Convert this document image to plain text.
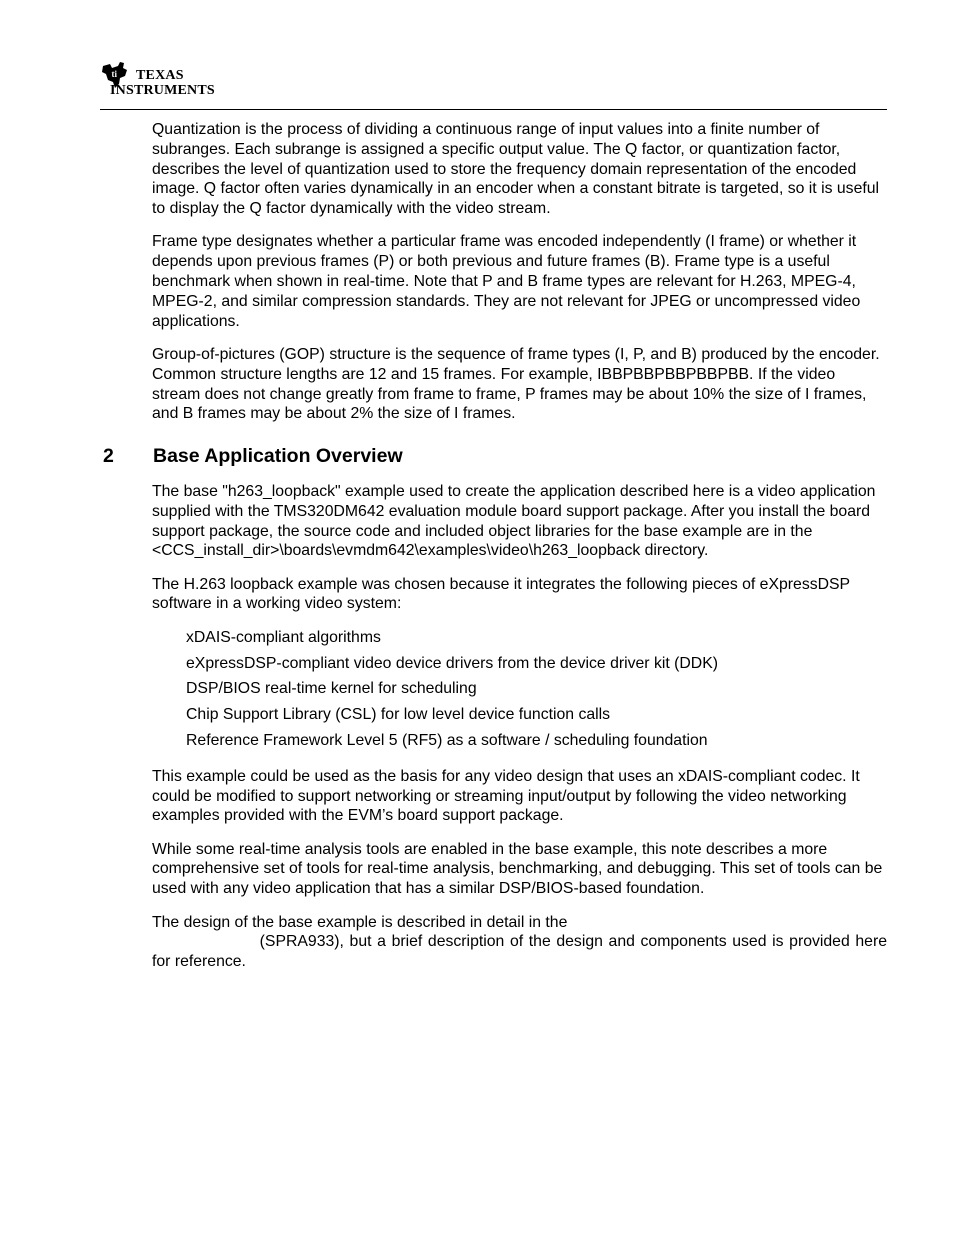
ti TEXAS
INSTRUMENTS

Quantization is the process of dividing a continuous range of input values into a finite number of subranges. Each subrange is assigned a specific output value. The Q factor, or quantization factor, describes the level of quantization used to store the frequency domain representation of the encoded image. Q factor often varies dynamically in an encoder when a constant bitrate is targeted, so it is useful to display the Q factor dynamically with the video stream.

Frame type designates whether a particular frame was encoded independently (I frame) or whether it depends upon previous frames (P) or both previous and future frames (B). Frame type is a useful benchmark when shown in real-time. Note that P and B frame types are relevant for H.263, MPEG-4, MPEG-2, and similar compression standards. They are not relevant for JPEG or uncompressed video applications.

Group-of-pictures (GOP) structure is the sequence of frame types (I, P, and B) produced by the encoder. Common structure lengths are 12 and 15 frames. For example, IBBPBBPBBPBBPBB. If the video stream does not change greatly from frame to frame, P frames may be about 10% the size of I frames, and B frames may be about 2% the size of I frames.

2	Base Application Overview

The base "h263_loopback" example used to create the application described here is a video application supplied with the TMS320DM642 evaluation module board support package. After you install the board support package, the source code and included object libraries for the base example are in the <CCS_install_dir>\boards\evmdm642\examples\video\h263_loopback directory.

The H.263 loopback example was chosen because it integrates the following pieces of eXpressDSP software in a working video system:

xDAIS-compliant algorithms
eXpressDSP-compliant video device drivers from the device driver kit (DDK)
DSP/BIOS real-time kernel for scheduling
Chip Support Library (CSL) for low level device function calls
Reference Framework Level 5 (RF5) as a software / scheduling foundation

This example could be used as the basis for any video design that uses an xDAIS-compliant codec. It could be modified to support networking or streaming input/output by following the video networking examples provided with the EVM’s board support package.

While some real-time analysis tools are enabled in the base example, this note describes a more comprehensive set of tools for real-time analysis, benchmarking, and debugging. This set of tools can be used with any video application that has a similar DSP/BIOS-based foundation.

The design of the base example is described in detail in the
(SPRA933), but a brief description of the design and components used is provided here for reference.
